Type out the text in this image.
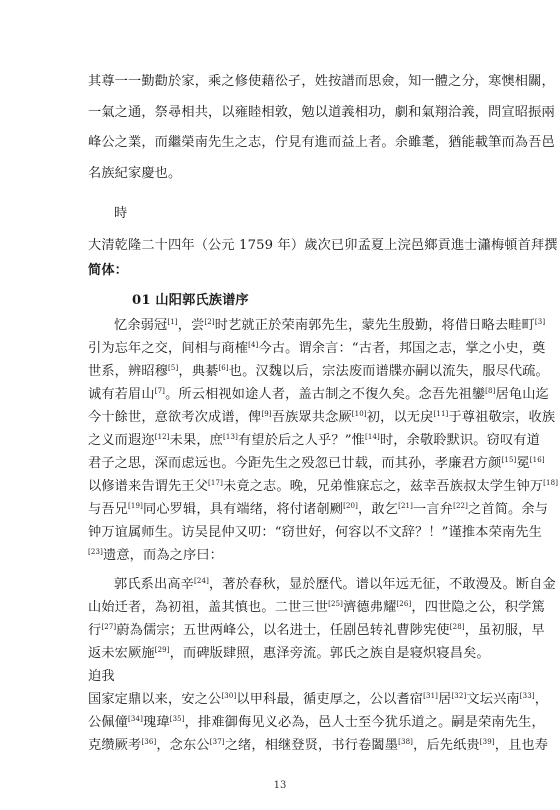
其尊一一勤勸於家，乘之修使藉彸孑，姓按譜而思僉，知一體之分，寒懊相關，
一氣之通，祭尋相共，以雍睦相敦，勉以道義相功，劇和氣翔洽義，問宣昭振兩
峰公之業，而繼榮南先生之志，佇見有進而益上者。余雖耄，猶能載筆而為吾邑
名族紀家慶也。
時
大清乾隆二十四年（公元 1759 年）歲次已卯孟夏上浣邑鄉貢進士瀟梅頓首拜撰
简体：
01 山阳郭氏族谱序
忆余弱冠[1]，尝[2]时艺就正於荣南郭先生，蒙先生殷勤，将借日略去畦町[3]
引为忘年之交，间相与商榷[4]今古。谓余言：“古者，邦国之志，掌之小史，奠
世系，辨昭穆[5]，典綦[6]也。汉魏以后，宗法废而谱牒亦嗣以流失，服尽代疏。
诚有若眉山[7]。所云相视如途人者，盖古制之不復久矣。念吾先祖鑾[8]居龟山迄
今十餘世，意欲考次成谱，俾[9]吾族眾共念厥[10]初，以无戾[11]于尊祖敬宗，收族
之义而遐迩[12]未果，庶[13]有望於后之人乎？”惟[14]时，余敬聆默识。窃叹有道
君子之思，深而虑远也。今距先生之殁忽已廿载，而其孙，孝廉君方颜[15]冕[16]
以修谱来告谓先王父[17]未竟之志。晚，兄弟惟寐忘之，兹幸吾族叔太学生钟万[18]
与吾兄[19]同心罗辑，具有端绪，将付诸剞劂[20]，敢乞[21]一言弁[22]之首简。余与
钟万谊属师生。访吴昆仲又叨：“窃世好，何容以不文辞？！”谨推本荣南先生
[23]遗意，而為之序曰：
郭氏系出高辛[24]，著於春秋，显於歷代。谱以年远无征，不敢漫及。断自金
山始迁者，為初祖，盖其慎也。二世三世[25]濟德弗耀[26]，四世隐之公，积学篤
行[27]蔚為儒宗；五世两峰公，以名进士，任剧邑转礼曹陟宪使[28]，虽初服，早
返未宏厥施[29]，而碑版肆照，惠泽旁流。郭氏之族自是寝炽寝昌矣。
迫我
国家定鼎以来，安之公[30]以甲科最，循吏厚之，公以耆宿[31]居[32]文坛兴南[33]，
公佩僮[34]瑰瑋[35]，排难御侮见义必為，邑人士至今犹乐道之。嗣是荣南先生，
克缵厥考[36]，念东公[37]之绪，相继登贤，书行卷闔墨[38]，后先纸贵[39]，且也寿
13
